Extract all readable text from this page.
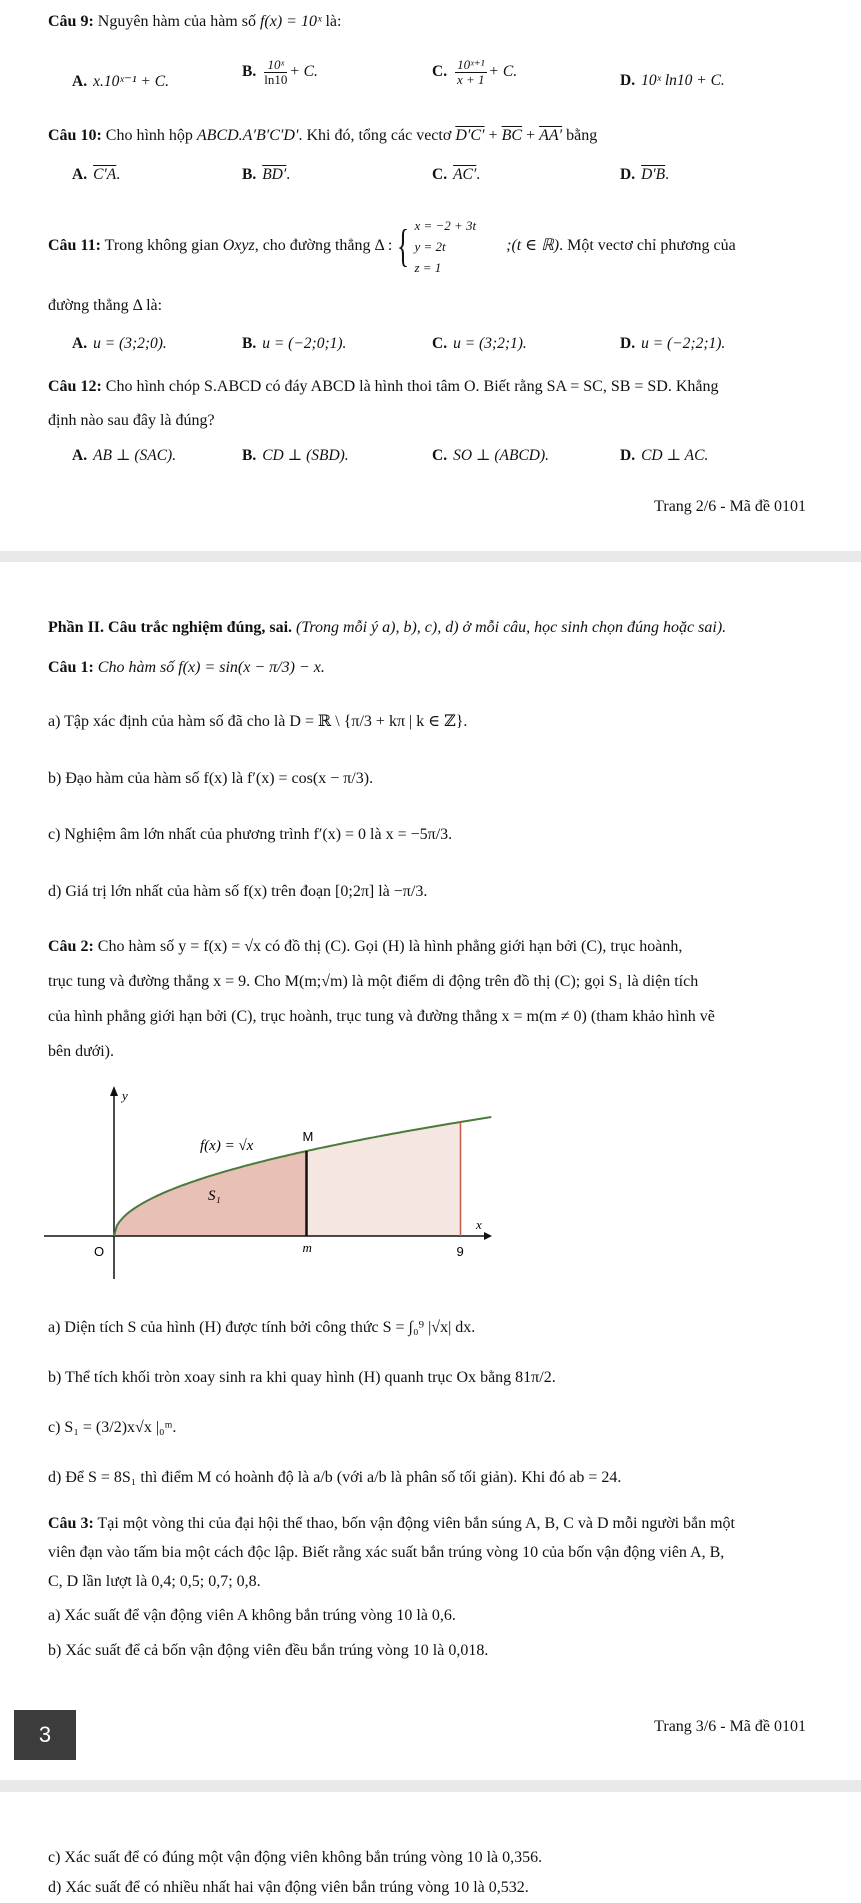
Câu 9: Nguyên hàm của hàm số f(x) = 10ˣ là:
A. x.10ˣ⁻¹ + C.
B. $\frac{\text{10ˣ}}{\ln 10} + C$.	C. $\frac{\text{10ˣ⁺¹}}{x + 1} + C$.
D. 10ˣ ln10 + C.
Câu 10: Cho hình hộp ABCD.A′B′C′D′. Khi đó, tổng các vectơ $D'C' + \overline{BC} + AA'$ bằng
A. C′A.	B. BD′.	C. AC′.	D. D′B.
Câu 11: Trong không gian Oxyz, cho đường thẳng Δ : { x = −2 + 3t
y = 2t
z = 1
;(t ∈ ℝ). Một vectơ chỉ phương của
đường thẳng Δ là:
A. u = (3;2;0).	B. u = (−2;0;1).	C. u = (3;2;1).	D. u = (−2;2;1).
Câu 12: Cho hình chóp S.ABCD có đáy ABCD là hình thoi tâm O. Biết rằng SA = SC, SB = SD. Khẳng
định nào sau đây là đúng?
A. AB ⊥ (SAC).	B. CD ⊥ (SBD).	C. SO ⊥ (ABCD).	D. CD ⊥ AC.
Trang 2/6 - Mã đề 0101
Phần II. Câu trắc nghiệm đúng, sai. (Trong mỗi ý a), b), c), d) ở mỗi câu, học sinh chọn đúng hoặc sai).
Câu 1: Cho hàm số f(x) = sin(x − π/3) − x.
a) Tập xác định của hàm số đã cho là D = ℝ \ {π/3 + kπ | k ∈ ℤ}.
b) Đạo hàm của hàm số f(x) là f′(x) = cos(x − π/3).
c) Nghiệm âm lớn nhất của phương trình f′(x) = 0 là x = −5π/3.
d) Giá trị lớn nhất của hàm số f(x) trên đoạn [0;2π] là −π/3.
Câu 2: Cho hàm số y = f(x) = √x có đồ thị (C). Gọi (H) là hình phẳng giới hạn bởi (C), trục hoành,
trục tung và đường thẳng x = 9. Cho M(m;√m) là một điểm di động trên đồ thị (C); gọi S₁ là diện tích
của hình phẳng giới hạn bởi (C), trục hoành, trục tung và đường thẳng x = m(m ≠ 0) (tham khảo hình vẽ
bên dưới).
a) Diện tích S của hình (H) được tính bởi công thức S = ∫₀⁹ |√x| dx.
b) Thể tích khối tròn xoay sinh ra khi quay hình (H) quanh trục Ox bằng 81π/2.
c) S₁ = (3/2)x√x |₀ᵐ.
d) Để S = 8S₁ thì điểm M có hoành độ là a/b (với a/b là phân số tối giản). Khi đó ab = 24.
Câu 3: Tại một vòng thi của đại hội thể thao, bốn vận động viên bắn súng A, B, C và D mỗi người bắn một
viên đạn vào tấm bia một cách độc lập. Biết rằng xác suất bắn trúng vòng 10 của bốn vận động viên A, B,
C, D lần lượt là 0,4; 0,5; 0,7; 0,8.
a) Xác suất để vận động viên A không bắn trúng vòng 10 là 0,6.
b) Xác suất để cả bốn vận động viên đều bắn trúng vòng 10 là 0,018.
Trang 3/6 - Mã đề 0101
y
x
O	m	9
M
f(x) = √x
S₁
c) Xác suất để có đúng một vận động viên không bắn trúng vòng 10 là 0,356.
d) Xác suất để có nhiều nhất hai vận động viên bắn trúng vòng 10 là 0,532.
3
